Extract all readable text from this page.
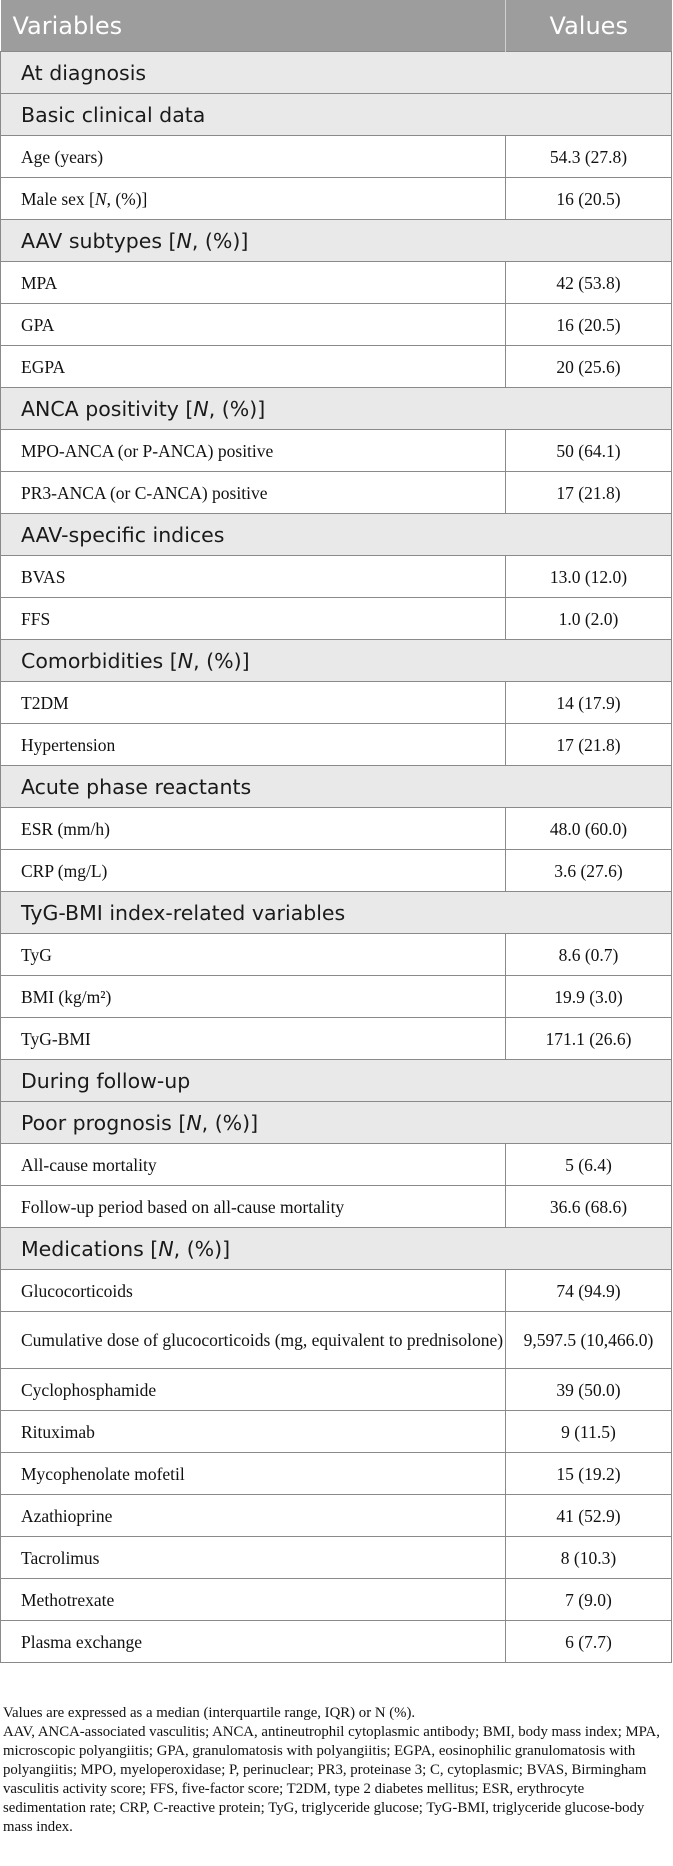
Variables	Values
At diagnosis	
Basic clinical data	
Age (years)	54.3 (27.8)
Male sex [N, (%)]	16 (20.5)
AAV subtypes [N, (%)]	
MPA	42 (53.8)
GPA	16 (20.5)
EGPA	20 (25.6)
ANCA positivity [N, (%)]	
MPO-ANCA (or P-ANCA) positive	50 (64.1)
PR3-ANCA (or C-ANCA) positive	17 (21.8)
AAV-specific indices	
BVAS	13.0 (12.0)
FFS	1.0 (2.0)
Comorbidities [N, (%)]	
T2DM	14 (17.9)
Hypertension	17 (21.8)
Acute phase reactants	
ESR (mm/h)	48.0 (60.0)
CRP (mg/L)	3.6 (27.6)
TyG-BMI index-related variables	
TyG	8.6 (0.7)
BMI (kg/m²)	19.9 (3.0)
TyG-BMI	171.1 (26.6)
During follow-up	
Poor prognosis [N, (%)]	
All-cause mortality	5 (6.4)
Follow-up period based on all-cause mortality	36.6 (68.6)
Medications [N, (%)]	
Glucocorticoids	74 (94.9)
Cumulative dose of glucocorticoids (mg, equivalent to prednisolone)	9,597.5 (10,466.0)
Cyclophosphamide	39 (50.0)
Rituximab	9 (11.5)
Mycophenolate mofetil	15 (19.2)
Azathioprine	41 (52.9)
Tacrolimus	8 (10.3)
Methotrexate	7 (9.0)
Plasma exchange	6 (7.7)

Values are expressed as a median (interquartile range, IQR) or N (%).

AAV, ANCA-associated vasculitis; ANCA, antineutrophil cytoplasmic antibody; BMI, body mass index; MPA, microscopic polyangiitis; GPA, granulomatosis with polyangiitis; EGPA, eosinophilic granulomatosis with polyangiitis; MPO, myeloperoxidase; P, perinuclear; PR3, proteinase 3; C, cytoplasmic; BVAS, Birmingham vasculitis activity score; FFS, five-factor score; T2DM, type 2 diabetes mellitus; ESR, erythrocyte sedimentation rate; CRP, C-reactive protein; TyG, triglyceride glucose; TyG-BMI, triglyceride glucose-body mass index.
